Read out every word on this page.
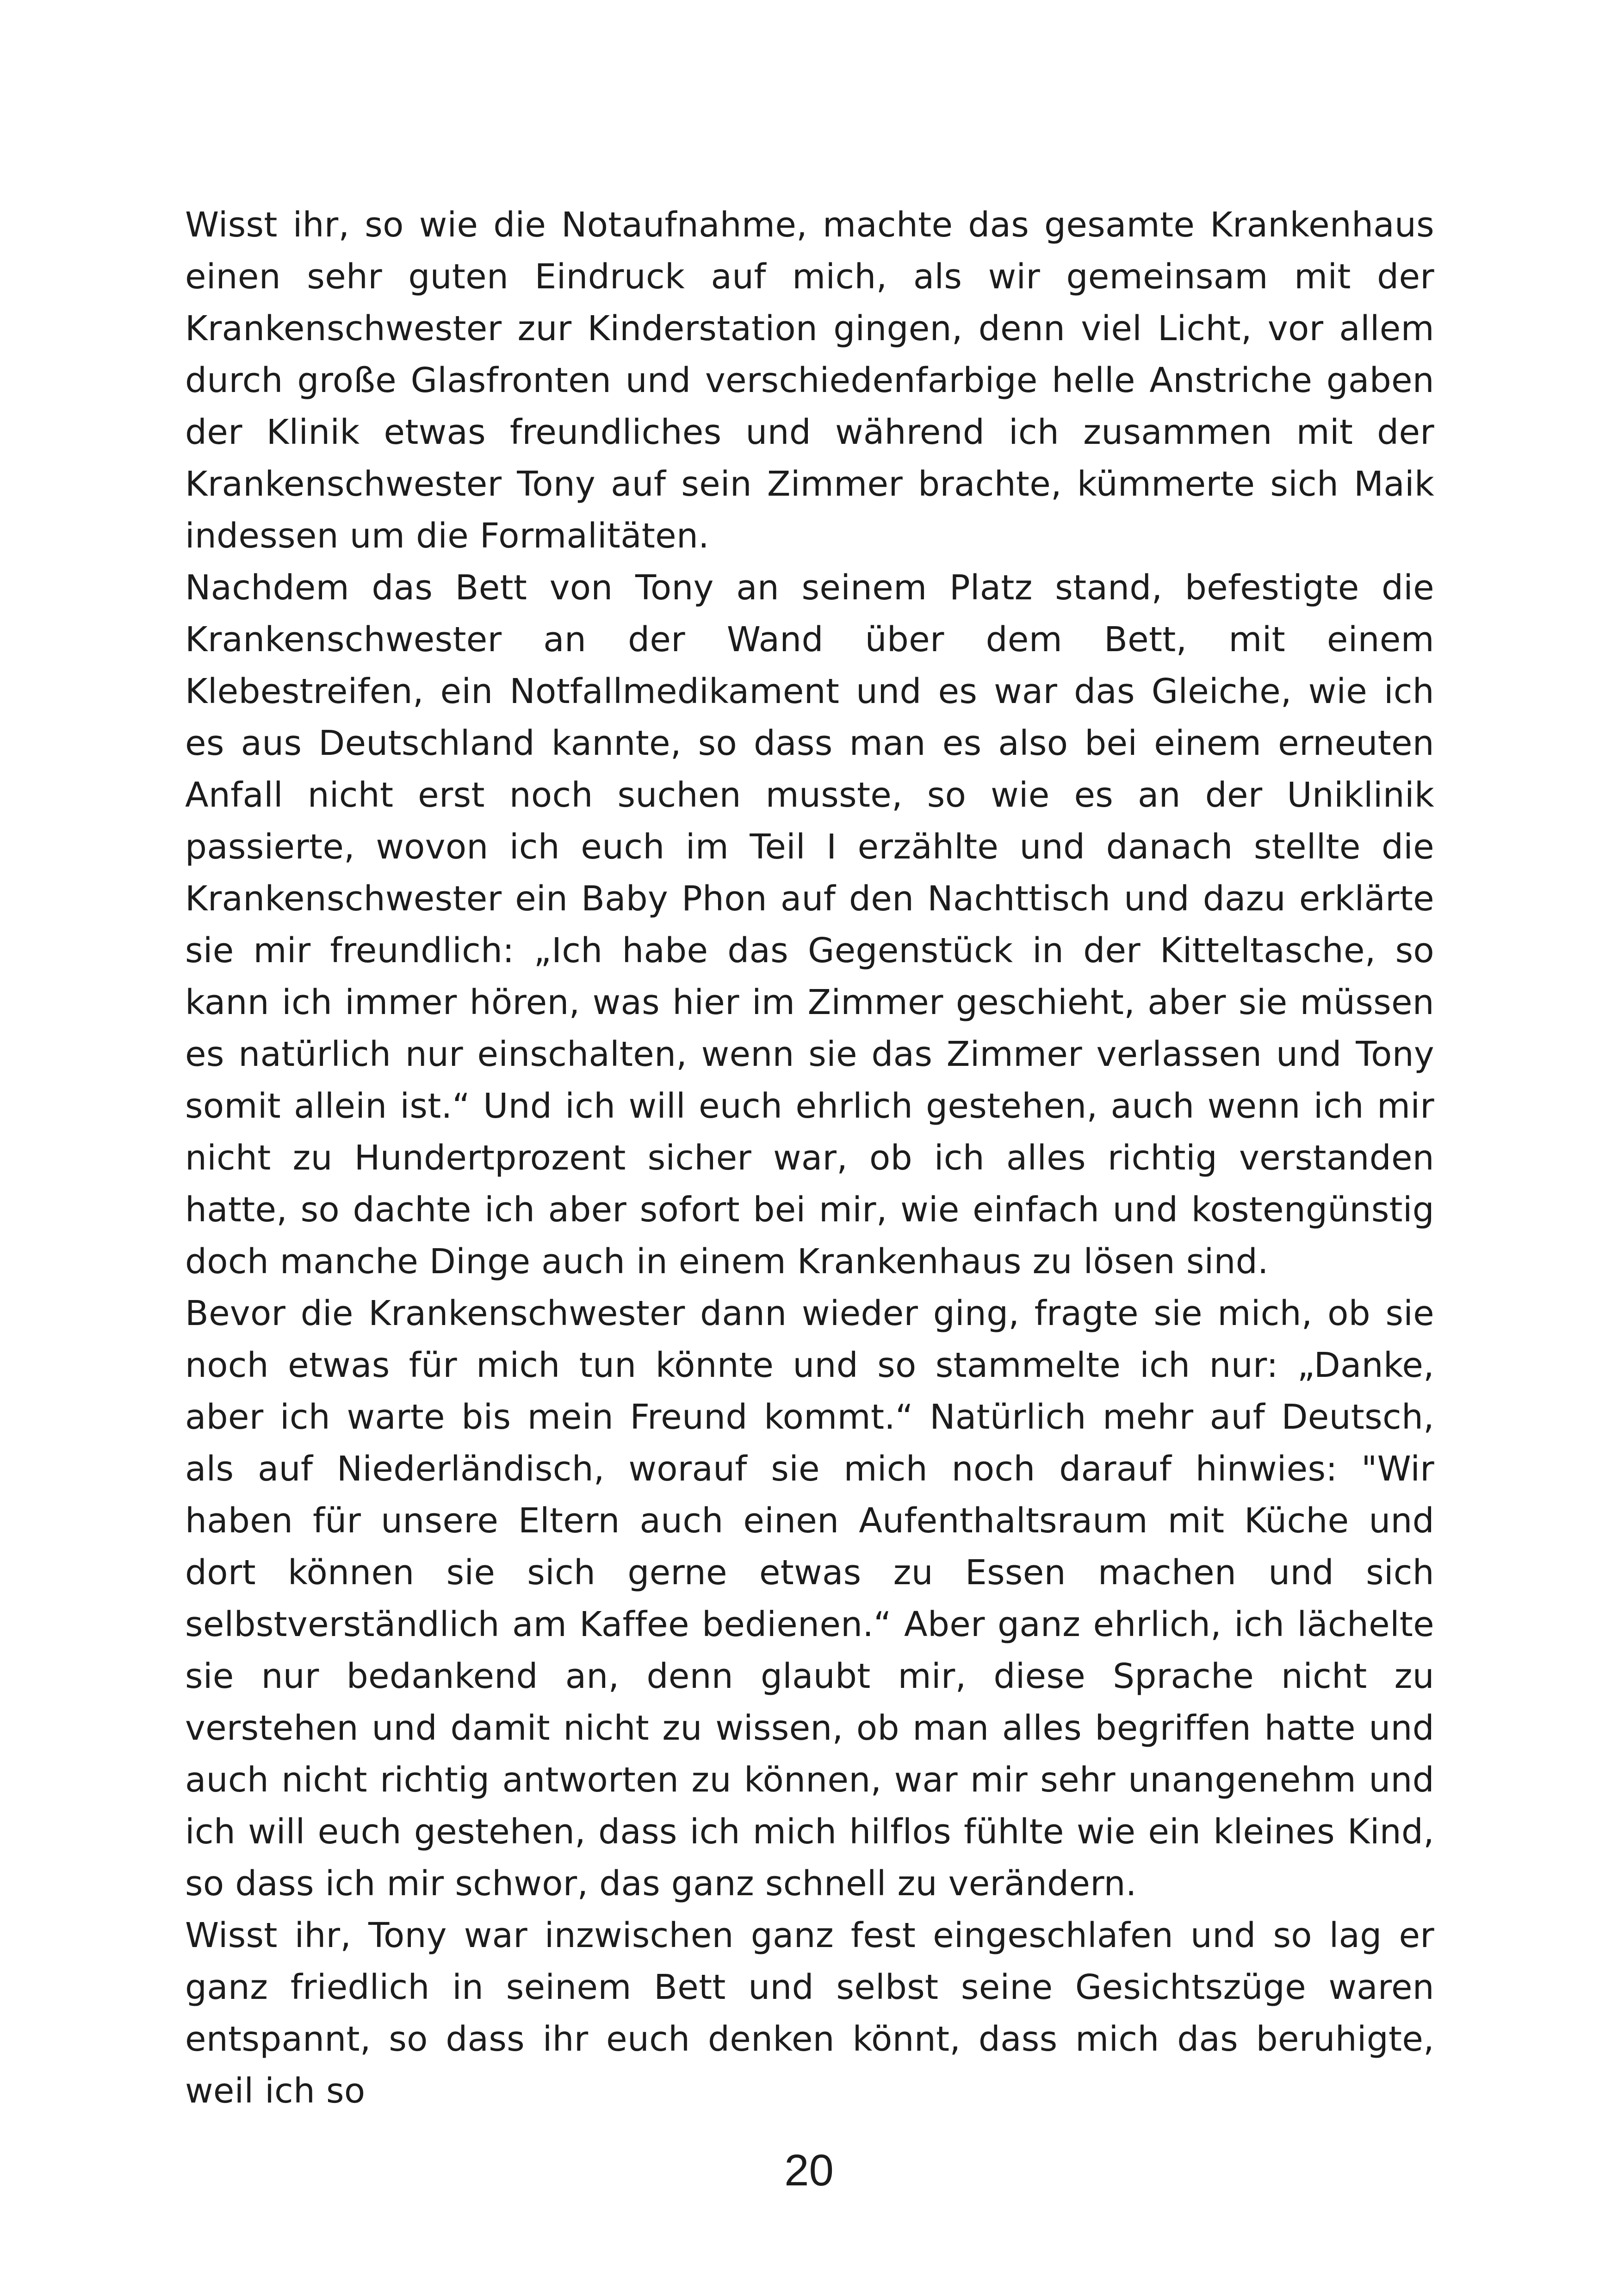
Wisst ihr, so wie die Notaufnahme, machte das gesamte Krankenhaus einen sehr guten Eindruck auf mich, als wir gemeinsam mit der Krankenschwester zur Kinderstation gingen, denn viel Licht, vor allem durch große Glasfronten und verschiedenfarbige helle Anstriche gaben der Klinik etwas freundliches und während ich zusammen mit der Krankenschwester Tony auf sein Zimmer brachte, kümmerte sich Maik indessen um die Formalitäten.

Nachdem das Bett von Tony an seinem Platz stand, befestigte die Krankenschwester an der Wand über dem Bett, mit einem Klebestreifen, ein Notfallmedikament und es war das Gleiche, wie ich es aus Deutschland kannte, so dass man es also bei einem erneuten Anfall nicht erst noch suchen musste, so wie es an der Uniklinik passierte, wovon ich euch im Teil I erzählte und danach stellte die Krankenschwester ein Baby Phon auf den Nachttisch und dazu erklärte sie mir freundlich: „Ich habe das Gegenstück in der Kitteltasche, so kann ich immer hören, was hier im Zimmer geschieht, aber sie müssen es natürlich nur einschalten, wenn sie das Zimmer verlassen und Tony somit allein ist.“ Und ich will euch ehrlich gestehen, auch wenn ich mir nicht zu Hundertprozent sicher war, ob ich alles richtig verstanden hatte, so dachte ich aber sofort bei mir, wie einfach und kostengünstig doch manche Dinge auch in einem Krankenhaus zu lösen sind.

Bevor die Krankenschwester dann wieder ging, fragte sie mich, ob sie noch etwas für mich tun könnte und so stammelte ich nur: „Danke, aber ich warte bis mein Freund kommt.“ Natürlich mehr auf Deutsch, als auf Niederländisch, worauf sie mich noch darauf hinwies: "Wir haben für unsere Eltern auch einen Aufenthaltsraum mit Küche und dort können sie sich gerne etwas zu Essen machen und sich selbstverständlich am Kaffee bedienen.“ Aber ganz ehrlich, ich lächelte sie nur bedankend an, denn glaubt mir, diese Sprache nicht zu verstehen und damit nicht zu wissen, ob man alles begriffen hatte und auch nicht richtig antworten zu können, war mir sehr unangenehm und ich will euch gestehen, dass ich mich hilflos fühlte wie ein kleines Kind, so dass ich mir schwor, das ganz schnell zu verändern.

Wisst ihr, Tony war inzwischen ganz fest eingeschlafen und so lag er ganz friedlich in seinem Bett und selbst seine Gesichtszüge waren entspannt, so dass ihr euch denken könnt, dass mich das beruhigte, weil ich so

20
